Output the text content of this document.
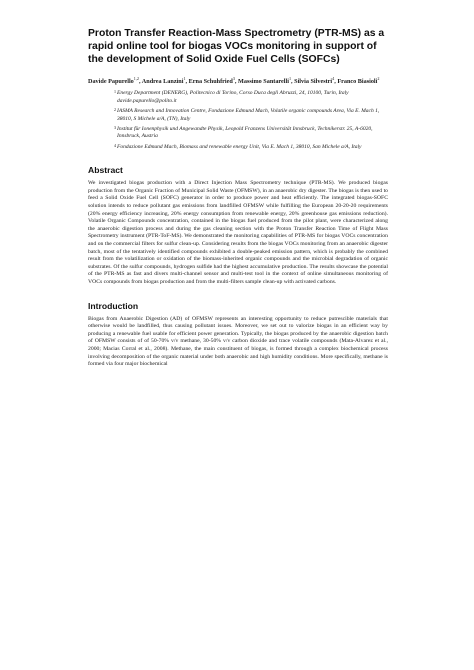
Proton Transfer Reaction-Mass Spectrometry (PTR-MS) as a rapid online tool for biogas VOCs monitoring in support of the development of Solid Oxide Fuel Cells (SOFCs)
Davide Papurello$^{1,2}$, Andrea Lanzini$^1$, Erna Schuhfried$^3$, Massimo Santarelli$^1$, Silvia Silvestri$^4$, Franco Biasioli$^2$
1 Energy Department (DENERG), Politecnico di Torino, Corso Duca degli Abruzzi, 24, 10100, Turin, Italy davide.papurello@polito.it
2 IASMA Research and Innovation Centre, Fondazione Edmund Mach, Volatile organic compounds Area, Via E. Mach 1, 38010, S Michele a/A, (TN), Italy
3 Institut für Ionenphysik und Angewandte Physik, Leopold Franzens Universität Innsbruck, Technikerstr. 25, A-6020, Innsbruck, Austria
4 Fondazione Edmund Mach, Biomass and renewable energy Unit, Via E. Mach 1, 38010, San Michele a/A, Italy
Abstract

We investigated biogas production with a Direct Injection Mass Spectrometry technique (PTR-MS). We produced biogas production from the Organic Fraction of Municipal Solid Waste (OFMSW), in an anaerobic dry digester. The biogas is then used to feed a Solid Oxide Fuel Cell (SOFC) generator in order to produce power and heat efficiently. The integrated biogas-SOFC solution intends to reduce pollutant gas emissions from landfilled OFMSW while fulfilling the European 20-20-20 requirements (20% energy efficiency increasing, 20% energy consumption from renewable energy, 20% greenhouse gas emissions reduction). Volatile Organic Compounds concentration, contained in the biogas fuel produced from the pilot plant, were characterized along the anaerobic digestion process and during the gas cleaning section with the Proton Transfer Reaction Time of Flight Mass Spectrometry instrument (PTR-ToF-MS). We demonstrated the monitoring capabilities of PTR-MS for biogas VOCs concentration and on the commercial filters for sulfur clean-up. Considering results from the biogas VOCs monitoring from an anaerobic digester batch, most of the tentatively identified compounds exhibited a double-peaked emission pattern, which is probably the combined result from the volatilization or oxidation of the biomass-inherited organic compounds and the microbial degradation of organic substrates. Of the sulfur compounds, hydrogen sulfide had the highest accumulative production. The results showcase the potential of the PTR-MS as fast and divers multi-channel sensor and multi-test tool in the context of online simultaneous monitoring of VOCs compounds from biogas production and from the multi-filters sample clean-up with activated carbons.

Introduction

Biogas from Anaerobic Digestion (AD) of OFMSW represents an interesting opportunity to reduce putrescible materials that otherwise would be landfilled, thus causing pollutant issues. Moreover, we set out to valorize biogas in an efficient way by producing a renewable fuel usable for efficient power generation. Typically, the biogas produced by the anaerobic digestion batch of OFMSW consists of of 50-70% v/v methane, 30-50% v/v carbon dioxide and trace volatile compounds (Mata-Alvarez et al., 2000; Macias Corral et al., 2008). Methane, the main constituent of biogas, is formed through a complex biochemical process involving decomposition of the organic material under both anaerobic and high humidity conditions. More specifically, methane is formed via four major biochemical
